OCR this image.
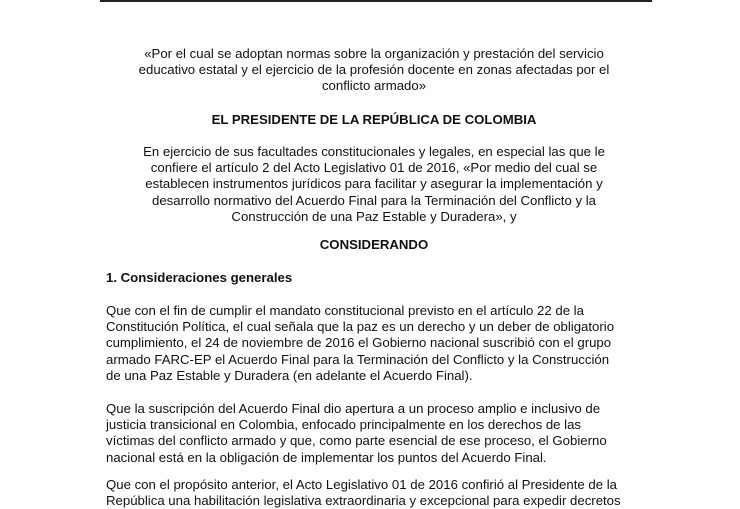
«Por el cual se adoptan normas sobre la organización y prestación del servicio
educativo estatal y el ejercicio de la profesión docente en zonas afectadas por el
conflicto armado»
EL PRESIDENTE DE LA REPÚBLICA DE COLOMBIA
En ejercicio de sus facultades constitucionales y legales, en especial las que le
confiere el artículo 2 del Acto Legislativo 01 de 2016, «Por medio del cual se
establecen instrumentos jurídicos para facilitar y asegurar la implementación y
desarrollo normativo del Acuerdo Final para la Terminación del Conflicto y la
Construcción de una Paz Estable y Duradera», y
CONSIDERANDO
1. Consideraciones generales
Que con el fin de cumplir el mandato constitucional previsto en el artículo 22 de la
Constitución Política, el cual señala que la paz es un derecho y un deber de obligatorio
cumplimiento, el 24 de noviembre de 2016 el Gobierno nacional suscribió con el grupo
armado FARC-EP el Acuerdo Final para la Terminación del Conflicto y la Construcción
de una Paz Estable y Duradera (en adelante el Acuerdo Final).
Que la suscripción del Acuerdo Final dio apertura a un proceso amplio e inclusivo de
justicia transicional en Colombia, enfocado principalmente en los derechos de las
víctimas del conflicto armado y que, como parte esencial de ese proceso, el Gobierno
nacional está en la obligación de implementar los puntos del Acuerdo Final.
Que con el propósito anterior, el Acto Legislativo 01 de 2016 confirió al Presidente de la
República una habilitación legislativa extraordinaria y excepcional para expedir decretos
